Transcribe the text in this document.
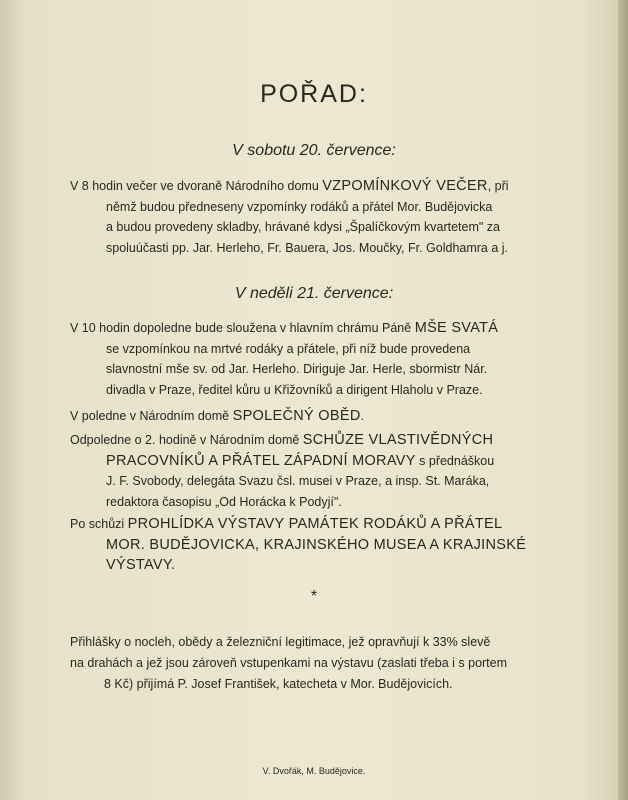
POŘAD:
V sobotu 20. července:

V 8 hodin večer ve dvoraně Národního domu VZPOMÍNKOVÝ VEČER, při
němž budou předneseny vzpomínky rodáků a přátel Mor. Budějovicka
a budou provedeny skladby, hrávané kdysi „Špalíčkovým kvartetem" za
spoluúčasti pp. Jar. Herleho, Fr. Bauera, Jos. Moučky, Fr. Goldhamra a j.

V neděli 21. července:

V 10 hodin dopoledne bude sloužena v hlavním chrámu Páně MŠE SVATÁ
se vzpomínkou na mrtvé rodáky a přátele, při níž bude provedena
slavnostní mše sv. od Jar. Herleho. Diriguje Jar. Herle, sbormistr Nár.
divadla v Praze, ředitel kůru u Křižovníků a dirigent Hlaholu v Praze.

V poledne v Národním domě SPOLEČNÝ OBĚD.

Odpoledne o 2. hodině v Národním domě SCHŮZE VLASTIVĚDNÝCH
PRACOVNÍKŮ A PŘÁTEL ZÁPADNÍ MORAVY s přednáškou
J. F. Svobody, delegáta Svazu čsl. musei v Praze, a insp. St. Maráka,
redaktora časopisu „Od Horácka k Podyjí".

Po schůzi PROHLÍDKA VÝSTAVY PAMÁTEK RODÁKŮ A PŘÁTEL
MOR. BUDĚJOVICKA, KRAJINSKÉHO MUSEA A KRAJINSKÉ
VÝSTAVY.

*

Přihlášky o nocleh, obědy a železniční legitimace, jež opravňují k 33% slevě
na drahách a jež jsou zároveň vstupenkami na výstavu (zaslati třeba i s portem
8 Kč) přijímá P. Josef František, katecheta v Mor. Budějovicích.

V. Dvořák, M. Budějovice.
